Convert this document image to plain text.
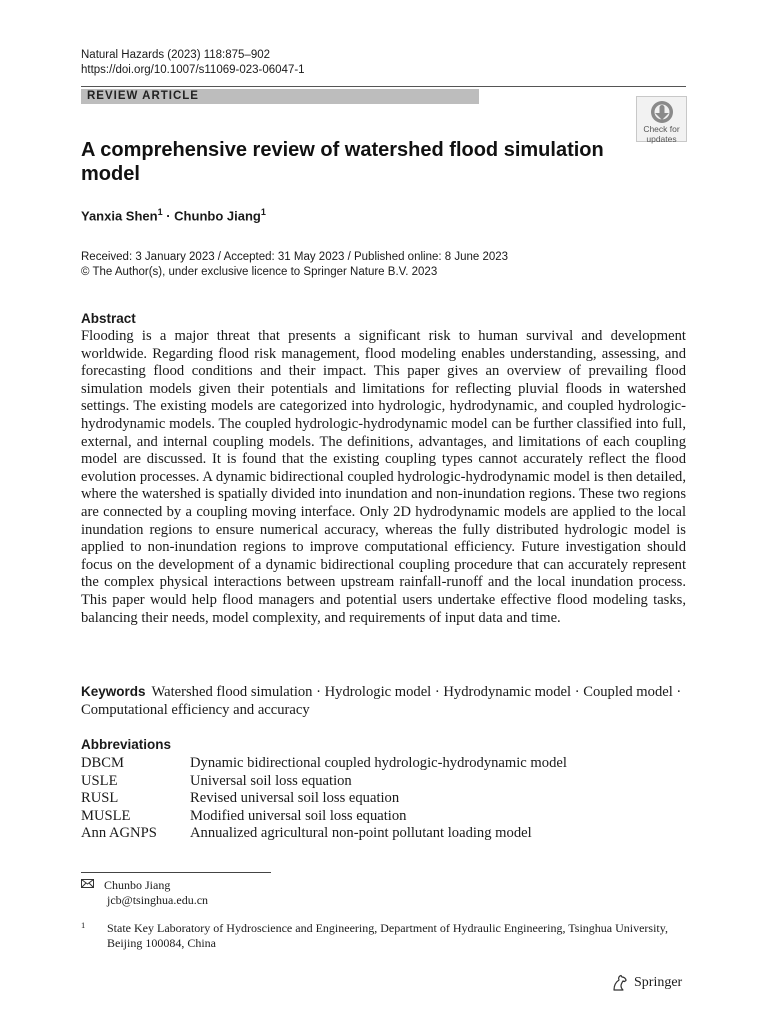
Natural Hazards (2023) 118:875–902
https://doi.org/10.1007/s11069-023-06047-1
REVIEW ARTICLE
Check for
updates
A comprehensive review of watershed flood simulation model
Yanxia Shen$^1$ · Chunbo Jiang$^1$
Received: 3 January 2023 / Accepted: 31 May 2023 / Published online: 8 June 2023
© The Author(s), under exclusive licence to Springer Nature B.V. 2023
Abstract

Flooding is a major threat that presents a significant risk to human survival and development worldwide. Regarding flood risk management, flood modeling enables understanding, assessing, and forecasting flood conditions and their impact. This paper gives an overview of prevailing flood simulation models given their potentials and limitations for reflecting pluvial floods in watershed settings. The existing models are categorized into hydrologic, hydrodynamic, and coupled hydrologic-hydrodynamic models. The coupled hydrologic-hydrodynamic model can be further classified into full, external, and internal coupling models. The definitions, advantages, and limitations of each coupling model are discussed. It is found that the existing coupling types cannot accurately reflect the flood evolution processes. A dynamic bidirectional coupled hydrologic-hydrodynamic model is then detailed, where the watershed is spatially divided into inundation and non-inundation regions. These two regions are connected by a coupling moving interface. Only 2D hydrodynamic models are applied to the local inundation regions to ensure numerical accuracy, whereas the fully distributed hydrologic model is applied to non-inundation regions to improve computational efficiency. Future investigation should focus on the development of a dynamic bidirectional coupling procedure that can accurately represent the complex physical interactions between upstream rainfall-runoff and the local inundation process. This paper would help flood managers and potential users undertake effective flood modeling tasks, balancing their needs, model complexity, and requirements of input data and time.

Keywords Watershed flood simulation · Hydrologic model · Hydrodynamic model · Coupled model · Computational efficiency and accuracy
Abbreviations
DBCM	Dynamic bidirectional coupled hydrologic-hydrodynamic model
USLE	Universal soil loss equation
RUSL	Revised universal soil loss equation
MUSLE	Modified universal soil loss equation
Ann AGNPS	Annualized agricultural non-point pollutant loading model
Chunbo Jiang
jcb@tsinghua.edu.cn
1 State Key Laboratory of Hydroscience and Engineering, Department of Hydraulic Engineering, Tsinghua University, Beijing 100084, China
Springer
